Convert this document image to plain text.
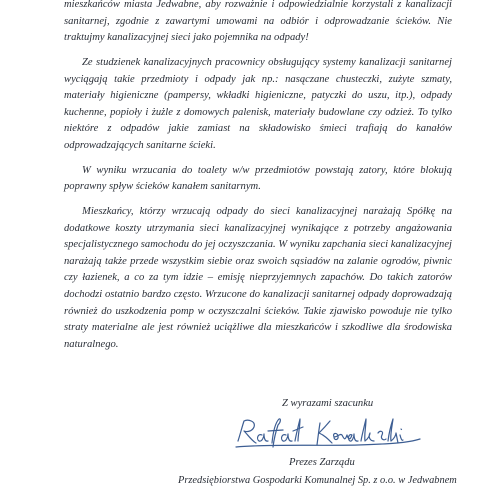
mieszkańców miasta Jedwabne, aby rozważnie i odpowiedzialnie korzystali z kanalizacji sanitarnej, zgodnie z zawartymi umowami na odbiór i odprowadzanie ścieków. Nie traktujmy kanalizacyjnej sieci jako pojemnika na odpady!

Ze studzienek kanalizacyjnych pracownicy obsługujący systemy kanalizacji sanitarnej wyciągają takie przedmioty i odpady jak np.: nasączane chusteczki, zużyte szmaty, materiały higieniczne (pampersy, wkładki higieniczne, patyczki do uszu, itp.), odpady kuchenne, popioły i żużle z domowych palenisk, materiały budowlane czy odzież. To tylko niektóre z odpadów jakie zamiast na składowisko śmieci trafiają do kanałów odprowadzających sanitarne ścieki.

W wyniku wrzucania do toalety w/w przedmiotów powstają zatory, które blokują poprawny spływ ścieków kanałem sanitarnym.

Mieszkańcy, którzy wrzucają odpady do sieci kanalizacyjnej narażają Spółkę na dodatkowe koszty utrzymania sieci kanalizacyjnej wynikające z potrzeby angażowania specjalistycznego samochodu do jej oczyszczania. W wyniku zapchania sieci kanalizacyjnej narażają także przede wszystkim siebie oraz swoich sąsiadów na zalanie ogrodów, piwnic czy łazienek, a co za tym idzie – emisję nieprzyjemnych zapachów. Do takich zatorów dochodzi ostatnio bardzo często. Wrzucone do kanalizacji sanitarnej odpady doprowadzają również do uszkodzenia pomp w oczyszczalni ścieków. Takie zjawisko powoduje nie tylko straty materialne ale jest również uciążliwe dla mieszkańców i szkodliwe dla środowiska naturalnego.

Z wyrazami szacunku
Prezes Zarządu
Przedsiębiorstwa Gospodarki Komunalnej Sp. z o.o. w Jedwabnem
